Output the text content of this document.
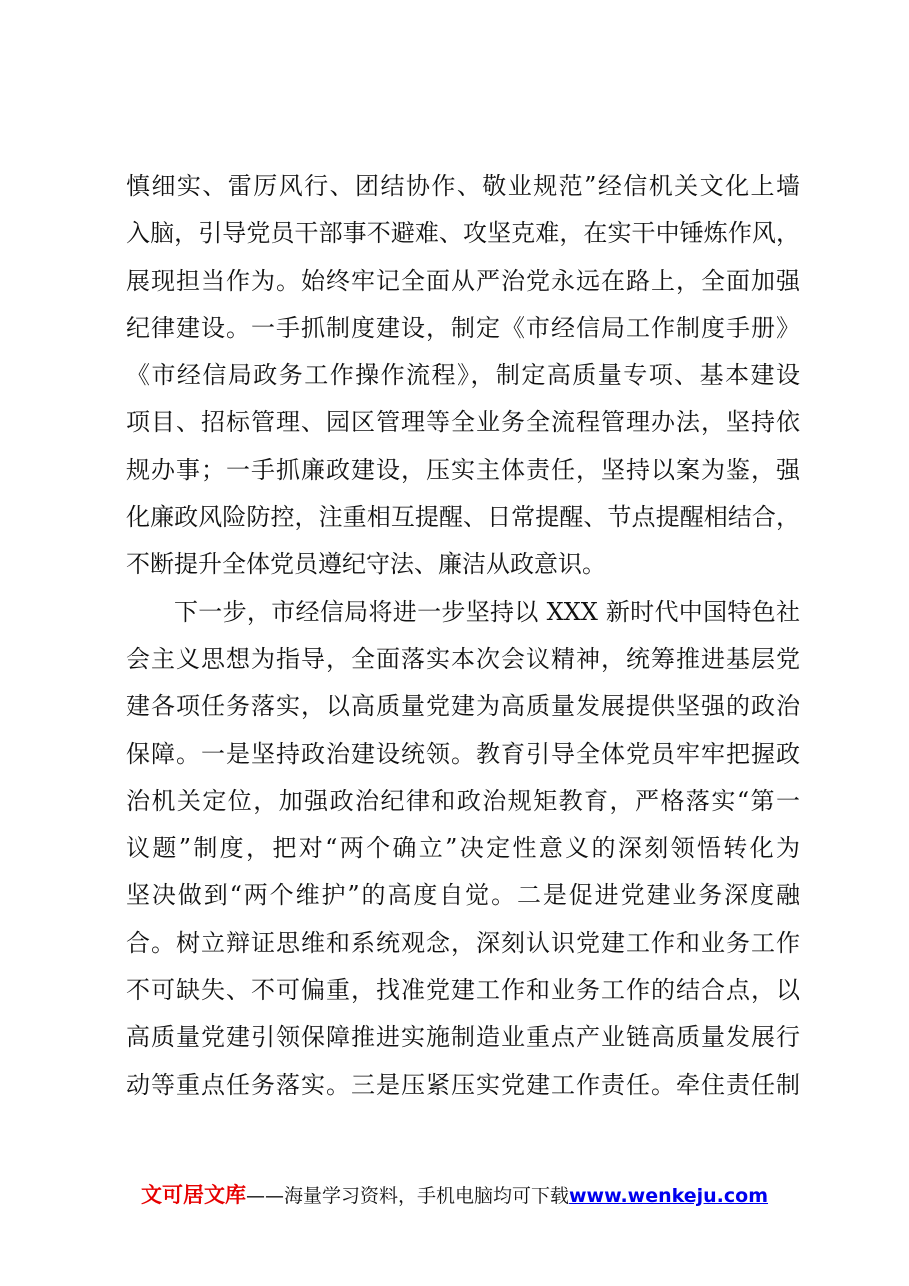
慎细实、雷厉风行、团结协作、敬业规范”经信机关文化上墙
入脑，引导党员干部事不避难、攻坚克难，在实干中锤炼作风，
展现担当作为。始终牢记全面从严治党永远在路上，全面加强
纪律建设。一手抓制度建设，制定《市经信局工作制度手册》
《市经信局政务工作操作流程》，制定高质量专项、基本建设
项目、招标管理、园区管理等全业务全流程管理办法，坚持依
规办事；一手抓廉政建设，压实主体责任，坚持以案为鉴，强
化廉政风险防控，注重相互提醒、日常提醒、节点提醒相结合，
不断提升全体党员遵纪守法、廉洁从政意识。
下一步，市经信局将进一步坚持以 XXX 新时代中国特色社
会主义思想为指导，全面落实本次会议精神，统筹推进基层党
建各项任务落实，以高质量党建为高质量发展提供坚强的政治
保障。一是坚持政治建设统领。教育引导全体党员牢牢把握政
治机关定位，加强政治纪律和政治规矩教育，严格落实“第一
议题”制度，把对“两个确立”决定性意义的深刻领悟转化为
坚决做到“两个维护”的高度自觉。二是促进党建业务深度融
合。树立辩证思维和系统观念，深刻认识党建工作和业务工作
不可缺失、不可偏重，找准党建工作和业务工作的结合点，以
高质量党建引领保障推进实施制造业重点产业链高质量发展行
动等重点任务落实。三是压紧压实党建工作责任。牵住责任制
文可居文库——海量学习资料，手机电脑均可下载www.wenkeju.com
